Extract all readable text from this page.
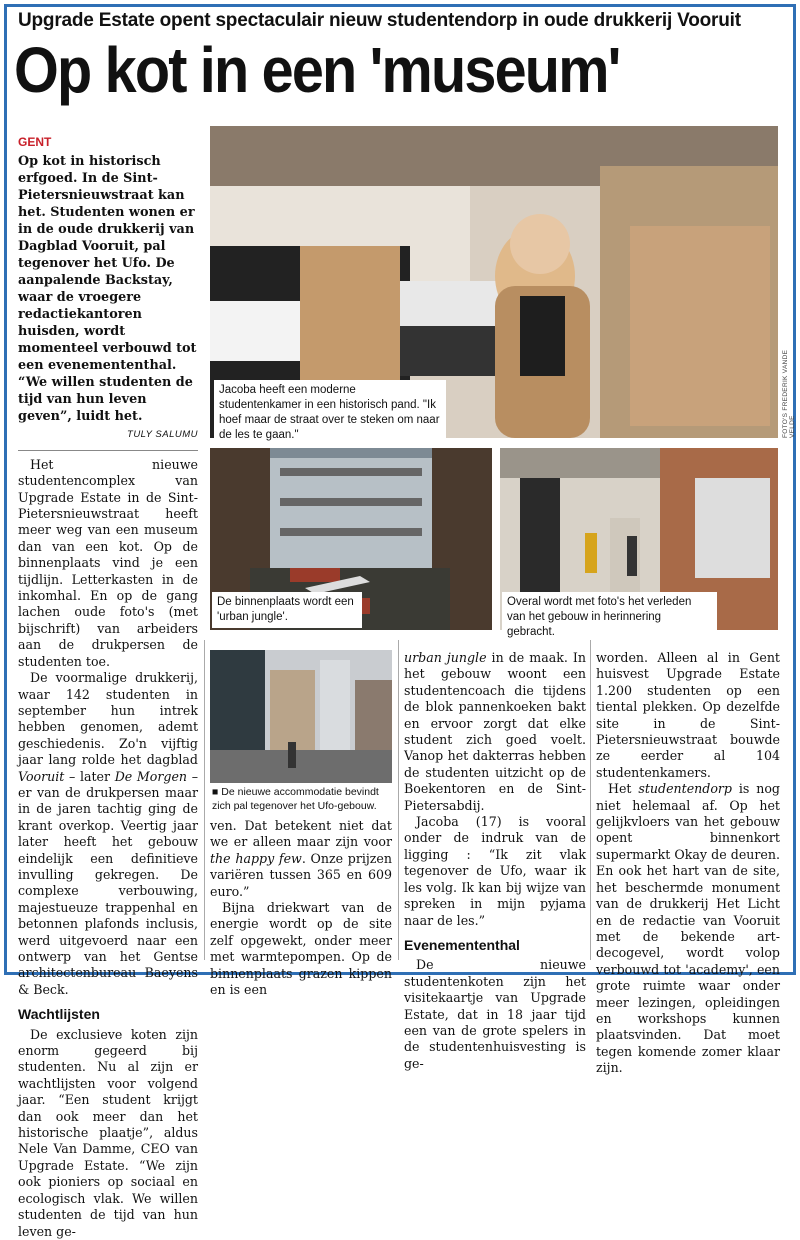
Upgrade Estate opent spectaculair nieuw studentendorp in oude drukkerij Vooruit
Op kot in een 'museum'
GENT
Op kot in historisch erfgoed. In de Sint-Pietersnieuwstraat kan het. Studenten wonen er in de oude drukkerij van Dagblad Vooruit, pal tegenover het Ufo. De aanpalende Backstay, waar de vroegere redactiekantoren huisden, wordt momenteel verbouwd tot een evenemententhal. “We willen studenten de tijd van hun leven geven”, luidt het.
TULY SALUMU

Het nieuwe studentencomplex van Upgrade Estate in de Sint-Pietersnieuwstraat heeft meer weg van een museum dan van een kot. Op de binnenplaats vind je een tijdlijn. Letterkasten in de inkomhal. En op de gang lachen oude foto's (met bijschrift) van arbeiders aan de drukpersen de studenten toe.

De voormalige drukkerij, waar 142 studenten in september hun intrek hebben genomen, ademt geschiedenis. Zo'n vijftig jaar lang rolde het dagblad Vooruit – later De Morgen – er van de drukpersen maar in de jaren tachtig ging de krant overkop. Veertig jaar later heeft het gebouw eindelijk een definitieve invulling gekregen. De complexe verbouwing, majestueuze trappenhal en betonnen plafonds inclusis, werd uitgevoerd naar een ontwerp van het Gentse architectenbureau Baeyens & Beck.

Wachtlijsten

De exclusieve koten zijn enorm gegeerd bij studenten. Nu al zijn er wachtlijsten voor volgend jaar. “Een student krijgt dan ook meer dan het historische plaatje”, aldus Nele Van Damme, CEO van Upgrade Estate. “We zijn ook pioniers op sociaal en ecologisch vlak. We willen studenten de tijd van hun leven ge-

Jacoba heeft een moderne studentenkamer in een historisch pand. "Ik hoef maar de straat over te steken om naar de les te gaan."	FOTO'S FREDERIK VANDE VELDE
De binnenplaats wordt een 'urban jungle'.
Overal wordt met foto's het verleden van het gebouw in herinnering gebracht.
■ De nieuwe accommodatie bevindt zich pal tegenover het Ufo-gebouw.

ven. Dat betekent niet dat we er alleen maar zijn voor the happy few. Onze prijzen variëren tussen 365 en 609 euro.”

Bijna driekwart van de energie wordt op de site zelf opgewekt, onder meer met warmtepompen. Op de binnenplaats grazen kippen en is een

urban jungle in de maak. In het gebouw woont een studentencoach die tijdens de blok pannenkoeken bakt en ervoor zorgt dat elke student zich goed voelt. Vanop het dakterras hebben de studenten uitzicht op de Boekentoren en de Sint-Pietersabdij.

Jacoba (17) is vooral onder de indruk van de ligging : “Ik zit vlak tegenover de Ufo, waar ik les volg. Ik kan bij wijze van spreken in mijn pyjama naar de les.”

Evenemententhal

De nieuwe studentenkoten zijn het visitekaartje van Upgrade Estate, dat in 18 jaar tijd een van de grote spelers in de studentenhuisvesting is ge-

worden. Alleen al in Gent huisvest Upgrade Estate 1.200 studenten op een tiental plekken. Op dezelfde site in de Sint-Pietersnieuwstraat bouwde ze eerder al 104 studentenkamers.

Het studentendorp is nog niet helemaal af. Op het gelijkvloers van het gebouw opent binnenkort supermarkt Okay de deuren. En ook het hart van de site, het beschermde monument van de drukkerij Het Licht en de redactie van Vooruit met de bekende art-decogevel, wordt volop verbouwd tot 'academy', een grote ruimte waar onder meer lezingen, opleidingen en workshops kunnen plaatsvinden. Dat moet tegen komende zomer klaar zijn.
